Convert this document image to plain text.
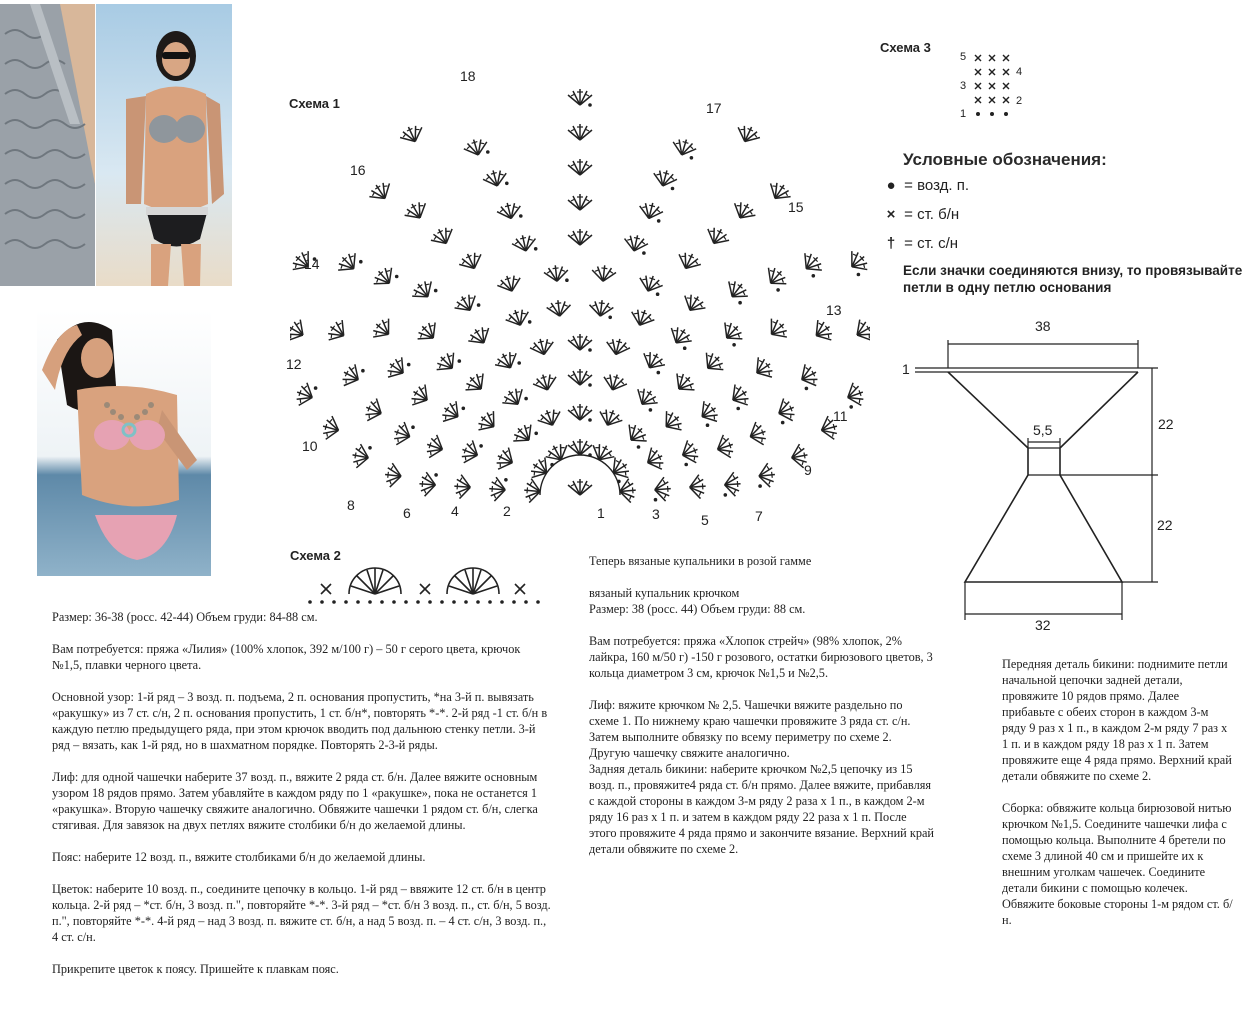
Схема 1
1
2	3
4
5
6	7
8
9
10
11
12
13
14
15
16
17
18
Схема 2
Схема 3
5
4
3
2
1
Условные обозначения:
● = возд. п.
× = ст. б/н
† = ст. с/н
Если значки соединяются внизу, то провязывайте петли в одну петлю основания
38
1
5,5	22
22
32

Размер: 36-38 (росс. 42-44) Объем груди: 84-88 см.

Вам потребуется: пряжа «Лилия» (100% хлопок, 392 м/100 г) – 50 г серого цвета, крючок №1,5, плавки черного цвета.

Основной узор: 1-й ряд – 3 возд. п. подъема, 2 п. основания пропустить, *на 3-й п. вывязать «ракушку» из 7 ст. с/н, 2 п. основания пропустить, 1 ст. б/н*, повторять *-*. 2-й ряд -1 ст. б/н в каждую петлю предыдущего ряда, при этом крючок вводить под дальнюю стенку петли. 3-й ряд – вязать, как 1-й ряд, но в шахматном порядке. Повторять 2-3-й ряды.

Лиф: для одной чашечки наберите 37 возд. п., вяжите 2 ряда ст. б/н. Далее вяжите основным узором 18 рядов прямо. Затем убавляйте в каждом ряду по 1 «ракушке», пока не останется 1 «ракушка». Вторую чашечку свяжите аналогично. Обвяжите чашечки 1 рядом ст. б/н, слегка стягивая. Для завязок на двух петлях вяжите столбики б/н до желаемой длины.

Пояс: наберите 12 возд. п., вяжите столбиками б/н до желаемой длины.

Цветок: наберите 10 возд. п., соедините цепочку в кольцо. 1-й ряд – ввяжите 12 ст. б/н в центр кольца. 2-й ряд – *ст. б/н, 3 возд. п.", повторяйте *-*. 3-й ряд – *ст. б/н 3 возд. п., ст. б/н, 5 возд. п.", повторяйте *-*. 4-й ряд – над 3 возд. п. вяжите ст. б/н, а над 5 возд. п. – 4 ст. с/н, 3 возд. п., 4 ст. с/н.

Прикрепите цветок к поясу. Пришейте к плавкам пояс.

Теперь вязаные купальники в розой гамме

вязаный купальник крючком

Размер: 38 (росс. 44) Объем груди: 88 см.

Вам потребуется: пряжа «Хлопок стрейч» (98% хлопок, 2% лайкра, 160 м/50 г) -150 г розового, остатки бирюзового цветов, 3 кольца диаметром 3 см, крючок №1,5 и №2,5.

Лиф: вяжите крючком № 2,5. Чашечки вяжите раздельно по схеме 1. По нижнему краю чашечки провяжите 3 ряда ст. с/н. Затем выполните обвязку по всему периметру по схеме 2. Другую чашечку свяжите аналогично.

Задняя деталь бикини: наберите крючком №2,5 цепочку из 15 возд. п., провяжите4 ряда ст. б/н прямо. Далее вяжите, прибавляя с каждой стороны в каждом 3-м ряду 2 раза х 1 п., в каждом 2-м ряду 16 раз х 1 п. и затем в каждом ряду 22 раза х 1 п. После этого провяжите 4 ряда прямо и закончите вязание. Верхний край детали обвяжите по схеме 2.

Передняя деталь бикини: поднимите петли начальной цепочки задней детали, провяжите 10 рядов прямо. Далее прибавьте с обеих сторон в каждом 3-м ряду 9 раз х 1 п., в каждом 2-м ряду 7 раз х 1 п. и в каждом ряду 18 раз х 1 п. Затем провяжите еще 4 ряда прямо. Верхний край детали обвяжите по схеме 2.

Сборка: обвяжите кольца бирюзовой нитью крючком №1,5. Соедините чашечки лифа с помощью кольца. Выполните 4 бретели по схеме 3 длиной 40 см и пришейте их к внешним уголкам чашечек. Соедините детали бикини с помощью колечек. Обвяжите боковые стороны 1-м рядом ст. б/н.
